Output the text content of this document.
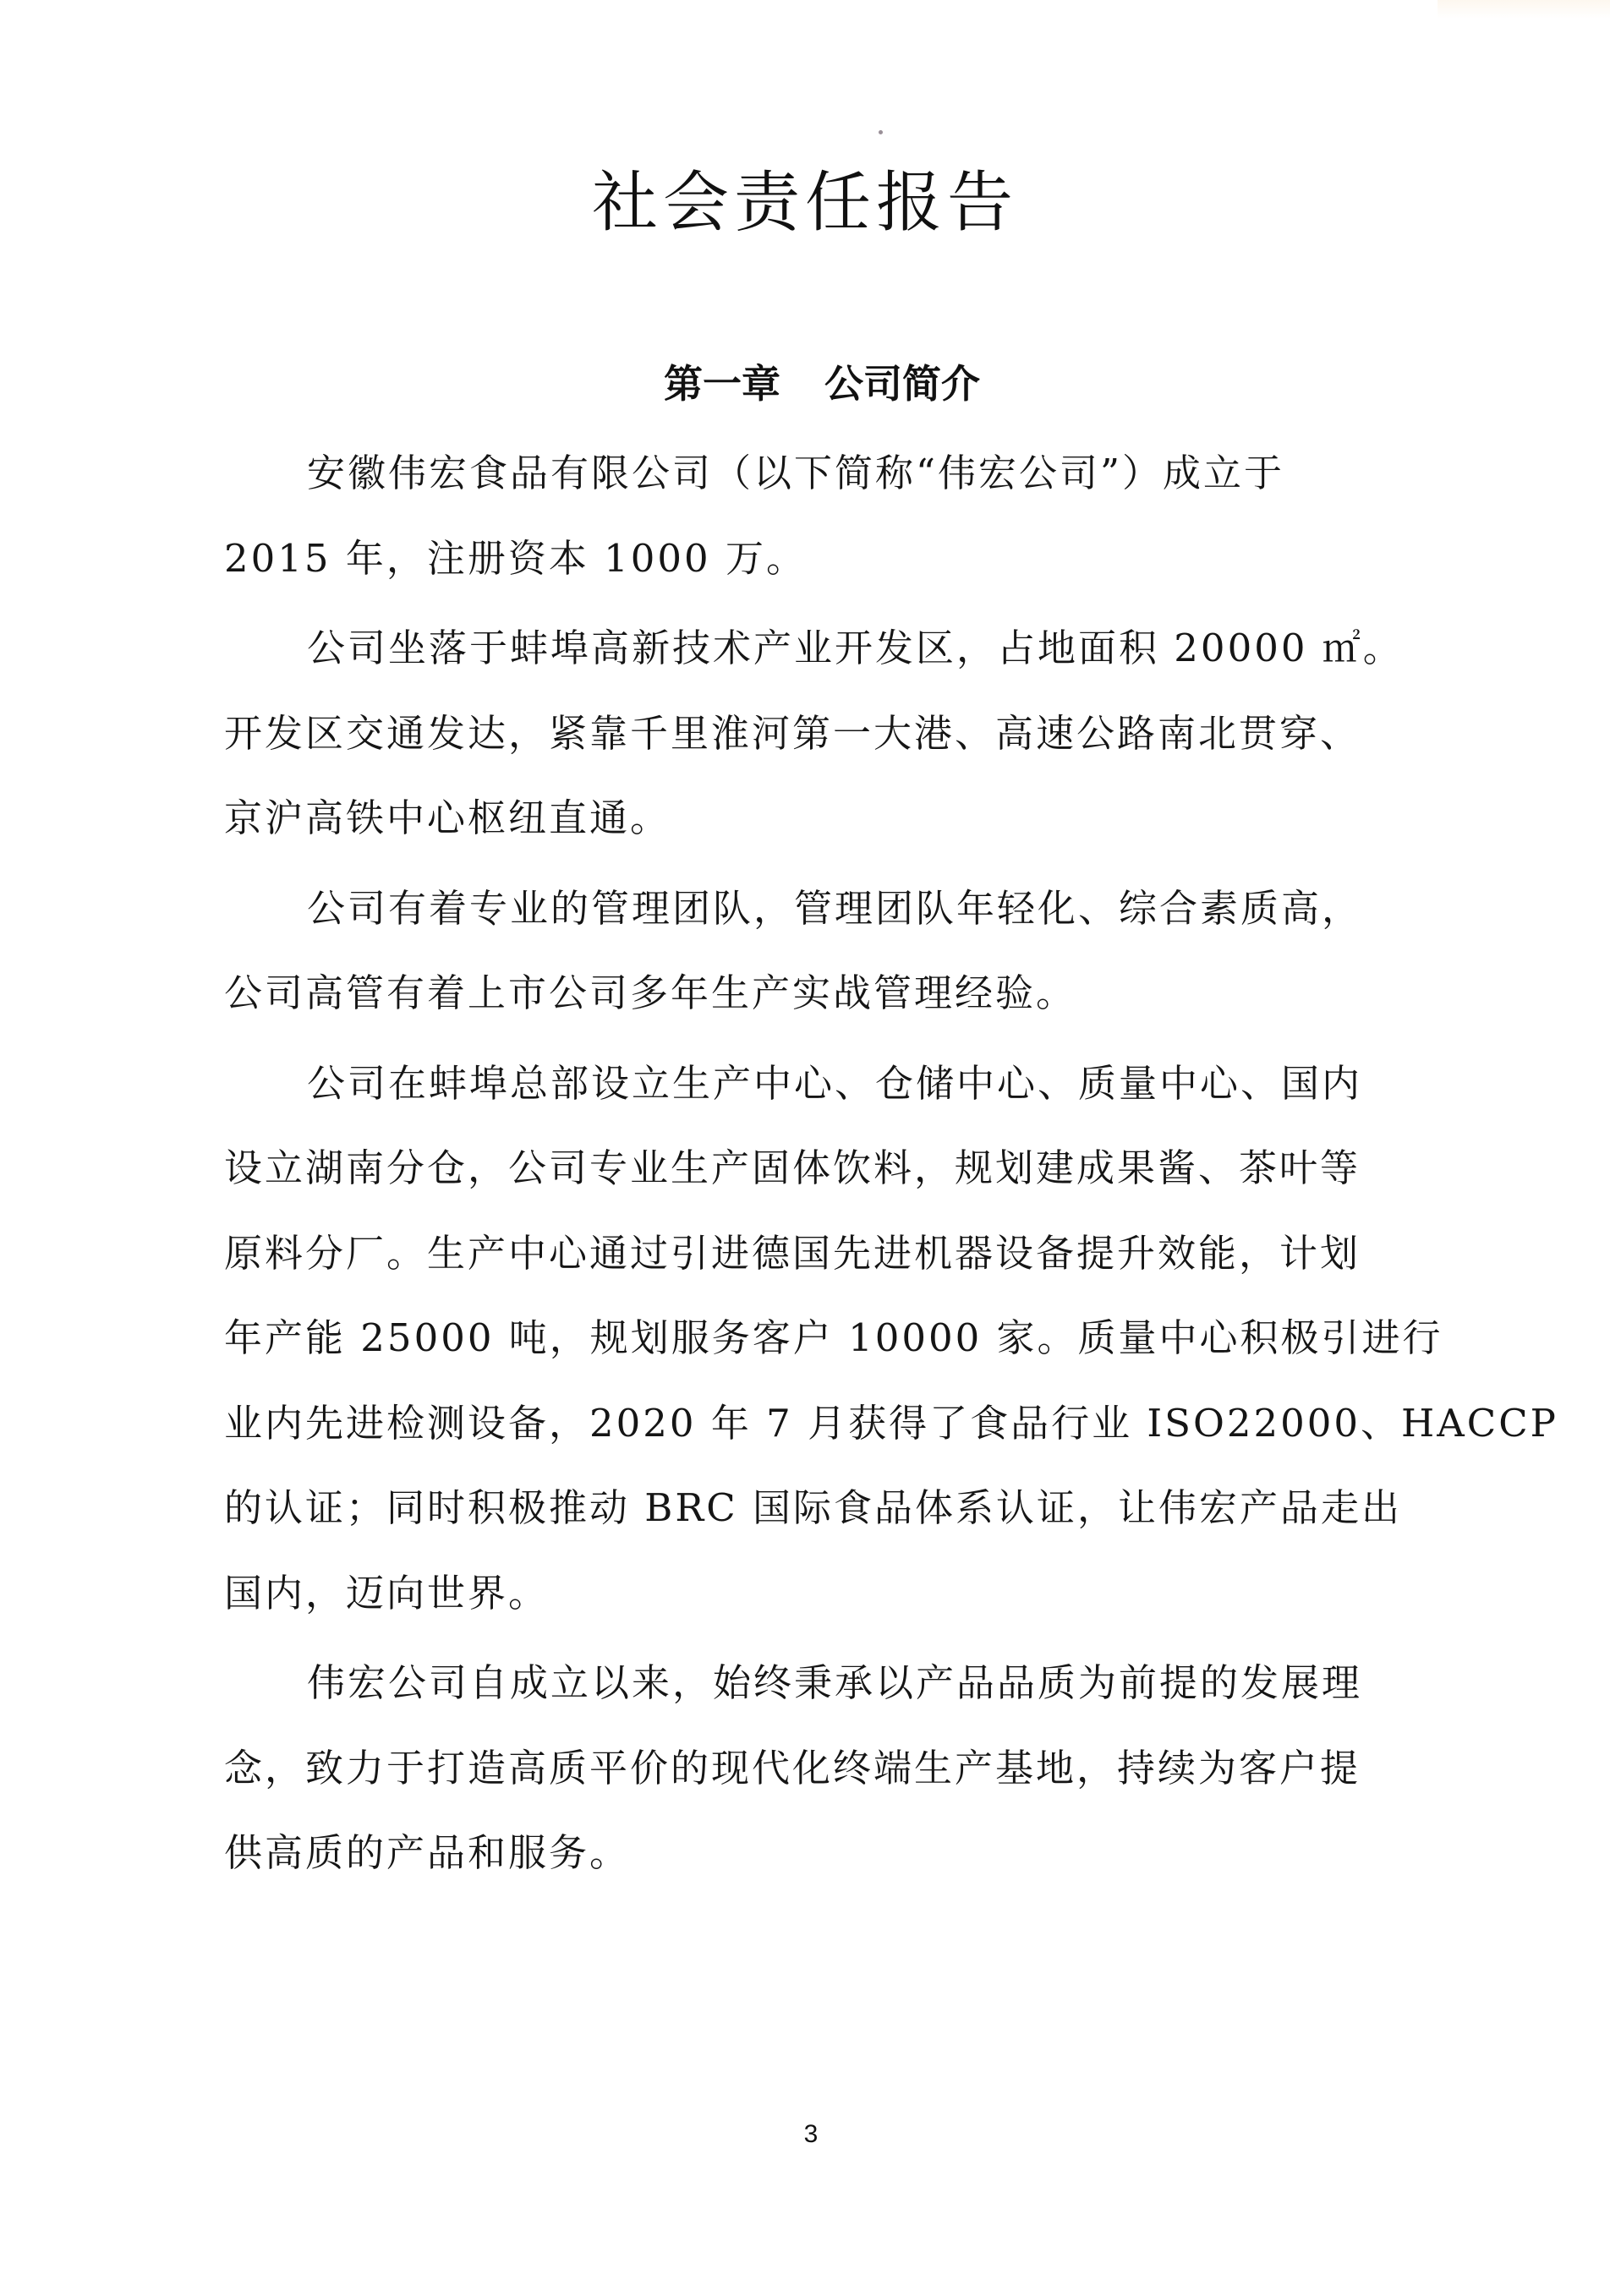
社会责任报告
第一章 公司简介

安徽伟宏食品有限公司（以下简称“伟宏公司”）成立于
2015 年，注册资本 1000 万。

公司坐落于蚌埠高新技术产业开发区，占地面积 20000 ㎡。
开发区交通发达，紧靠千里淮河第一大港、高速公路南北贯穿、
京沪高铁中心枢纽直通。

公司有着专业的管理团队，管理团队年轻化、综合素质高，
公司高管有着上市公司多年生产实战管理经验。

公司在蚌埠总部设立生产中心、仓储中心、质量中心、国内
设立湖南分仓，公司专业生产固体饮料，规划建成果酱、茶叶等
原料分厂。生产中心通过引进德国先进机器设备提升效能，计划
年产能 25000 吨，规划服务客户 10000 家。质量中心积极引进行
业内先进检测设备，2020 年 7 月获得了食品行业 ISO22000、HACCP
的认证；同时积极推动 BRC 国际食品体系认证，让伟宏产品走出
国内，迈向世界。

伟宏公司自成立以来，始终秉承以产品品质为前提的发展理
念，致力于打造高质平价的现代化终端生产基地，持续为客户提
供高质的产品和服务。

3
